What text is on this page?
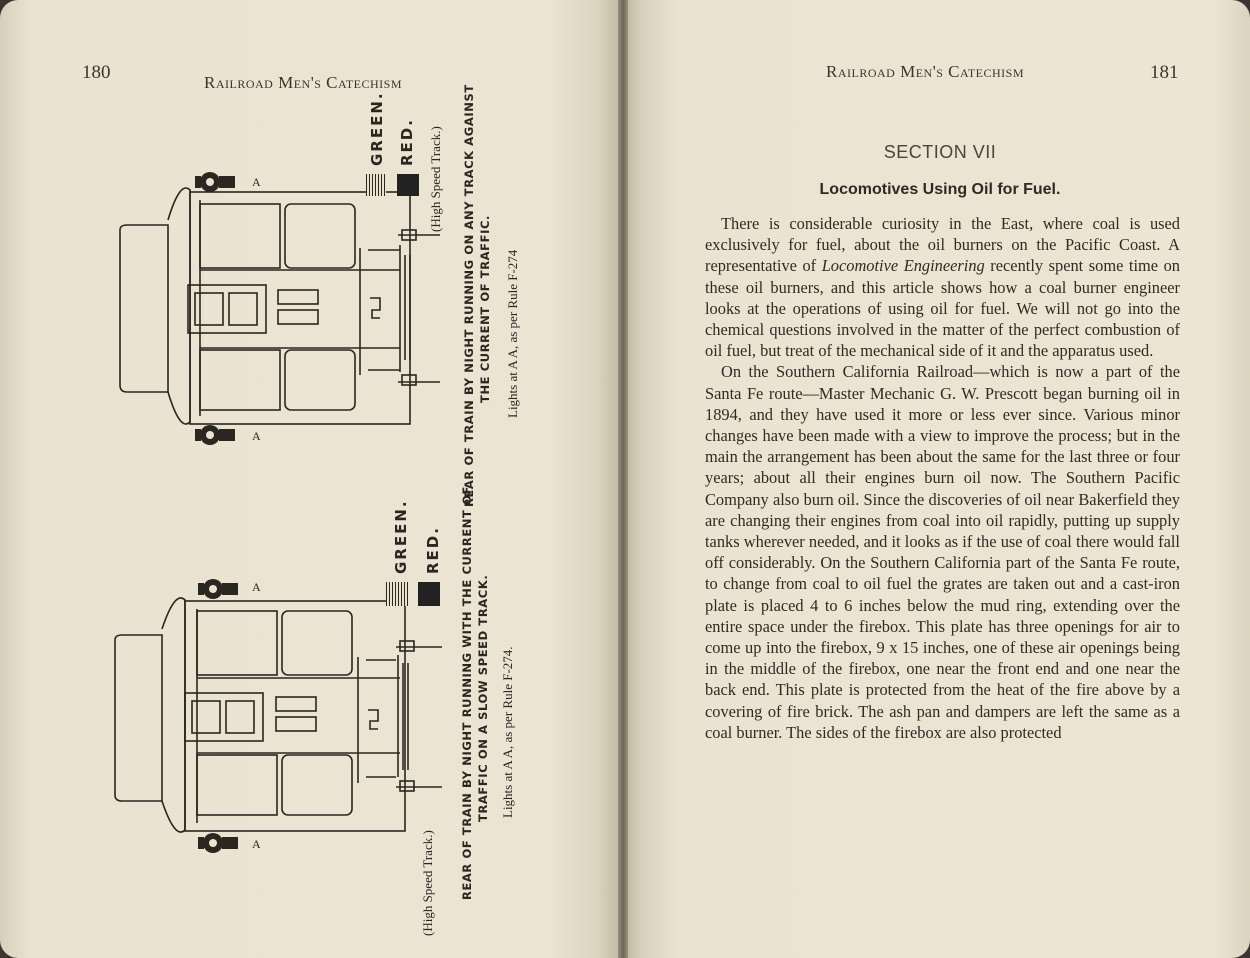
180	Railroad Men's Catechism
Railroad Men's Catechism	181
A
A
GREEN. RED. (High Speed Track.) REAR OF TRAIN BY NIGHT RUNNING ON ANY TRACK AGAINST THE CURRENT OF TRAFFIC. Lights at A A, as per Rule F-274
A
A
GREEN. RED.
(High Speed Track.) REAR OF TRAIN BY NIGHT RUNNING WITH THE CURRENT OF TRAFFIC ON A SLOW SPEED TRACK. Lights at A A, as per Rule F-274.
SECTION VII
Locomotives Using Oil for Fuel.

There is considerable curiosity in the East, where coal is used exclusively for fuel, about the oil burners on the Pacific Coast. A representative of Locomotive Engineering recently spent some time on these oil burners, and this article shows how a coal burner engineer looks at the operations of using oil for fuel. We will not go into the chemical questions involved in the matter of the perfect combustion of oil fuel, but treat of the mechanical side of it and the apparatus used.

On the Southern California Railroad—which is now a part of the Santa Fe route—Master Mechanic G. W. Prescott began burning oil in 1894, and they have used it more or less ever since. Various minor changes have been made with a view to improve the process; but in the main the arrangement has been about the same for the last three or four years; about all their engines burn oil now. The Southern Pacific Company also burn oil. Since the discoveries of oil near Bakerfield they are changing their engines from coal into oil rapidly, putting up supply tanks wherever needed, and it looks as if the use of coal there would fall off considerably. On the Southern California part of the Santa Fe route, to change from coal to oil fuel the grates are taken out and a cast-iron plate is placed 4 to 6 inches below the mud ring, extending over the entire space under the firebox. This plate has three openings for air to come up into the firebox, 9 x 15 inches, one of these air openings being in the middle of the firebox, one near the front end and one near the back end. This plate is protected from the heat of the fire above by a covering of fire brick. The ash pan and dampers are left the same as a coal burner. The sides of the firebox are also protected
